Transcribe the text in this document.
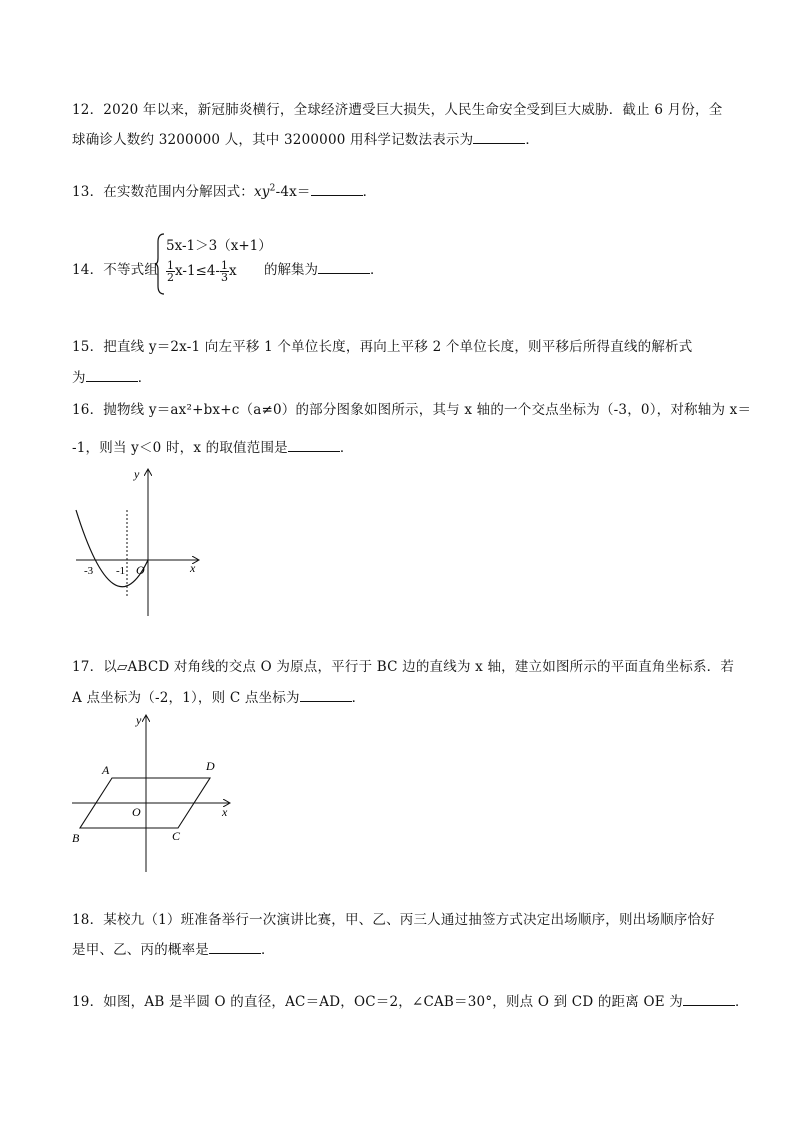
12．2020 年以来，新冠肺炎横行，全球经济遭受巨大损失，人民生命安全受到巨大威胁．截止 6 月份，全
球确诊人数约 3200000 人，其中 3200000 用科学记数法表示为	．
13．在实数范围内分解因式：$xy^2-4x=$	．
14．不等式组
5x-1＞3（x+1）
$\frac{1}{2} x-1\le 4- \frac{1}{3}$ x 的解集为	．
15．把直线 y＝2x-1 向左平移 1 个单位长度，再向上平移 2 个单位长度，则平移后所得直线的解析式
为	．
16．抛物线 y＝ax²+bx+c（a≠0）的部分图象如图所示，其与 x 轴的一个交点坐标为（-3，0），对称轴为 x＝
-1，则当 y＜0 时，x 的取值范围是	．
y
x
O
-3 -1
17．以▱ABCD 对角线的交点 O 为原点，平行于 BC 边的直线为 x 轴，建立如图所示的平面直角坐标系．若
A 点坐标为（-2，1），则 C 点坐标为	．
y
x
O
A	D
B	C
18．某校九（1）班准备举行一次演讲比赛，甲、乙、丙三人通过抽签方式决定出场顺序，则出场顺序恰好
是甲、乙、丙的概率是	．
19．如图，AB 是半圆 O 的直径，AC＝AD，OC＝2，∠CAB＝30°，则点 O 到 CD 的距离 OE 为	．
